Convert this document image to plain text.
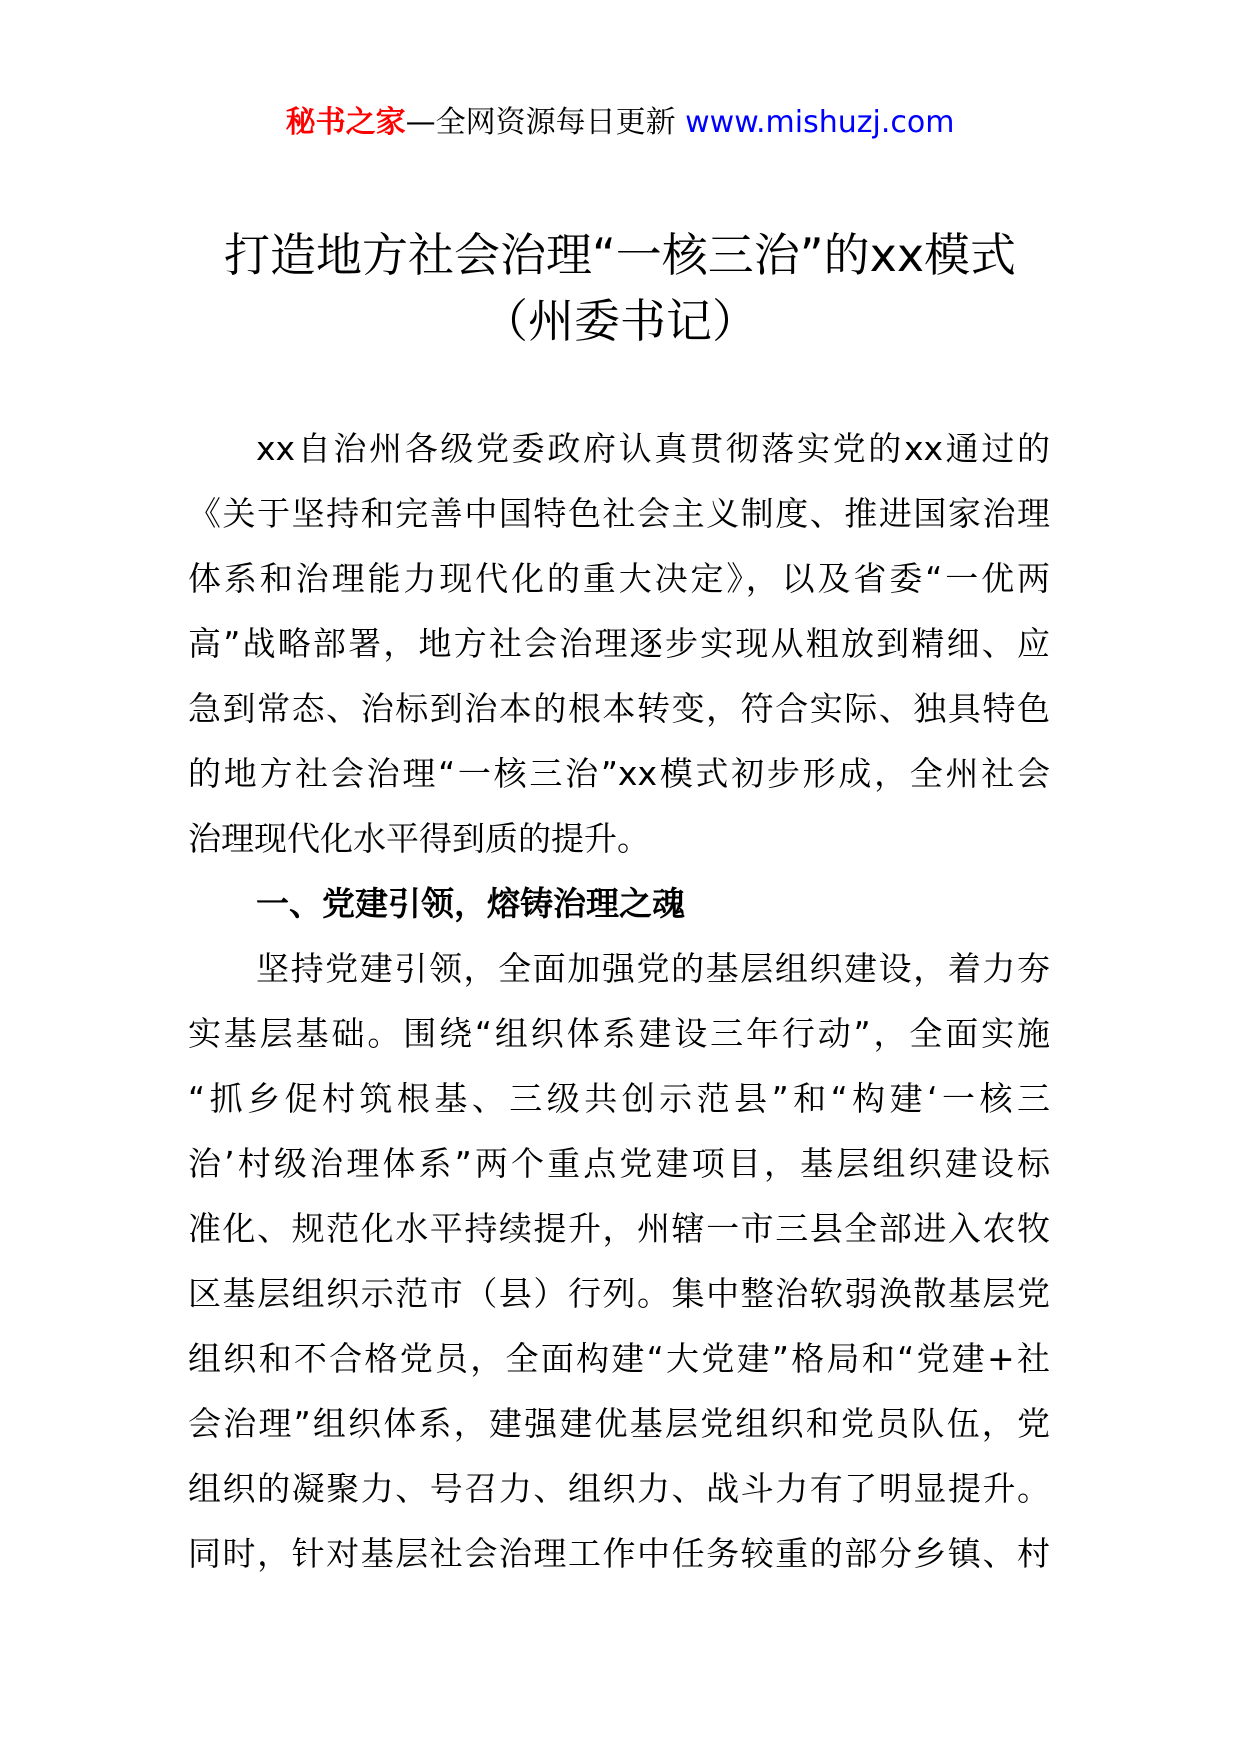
秘书之家—全网资源每日更新 www.mishuzj.com
打造地方社会治理“一核三治”的xx模式
（州委书记）
xx自治州各级党委政府认真贯彻落实党的xx通过的
《关于坚持和完善中国特色社会主义制度、推进国家治理
体系和治理能力现代化的重大决定》，以及省委“一优两
高”战略部署，地方社会治理逐步实现从粗放到精细、应
急到常态、治标到治本的根本转变，符合实际、独具特色
的地方社会治理“一核三治”xx模式初步形成，全州社会
治理现代化水平得到质的提升。
一、党建引领，熔铸治理之魂
坚持党建引领，全面加强党的基层组织建设，着力夯
实基层基础。围绕“组织体系建设三年行动”，全面实施
“抓乡促村筑根基、三级共创示范县”和“构建‘一核三
治’村级治理体系”两个重点党建项目，基层组织建设标
准化、规范化水平持续提升，州辖一市三县全部进入农牧
区基层组织示范市（县）行列。集中整治软弱涣散基层党
组织和不合格党员，全面构建“大党建”格局和“党建+社
会治理”组织体系，建强建优基层党组织和党员队伍，党
组织的凝聚力、号召力、组织力、战斗力有了明显提升。
同时，针对基层社会治理工作中任务较重的部分乡镇、村
